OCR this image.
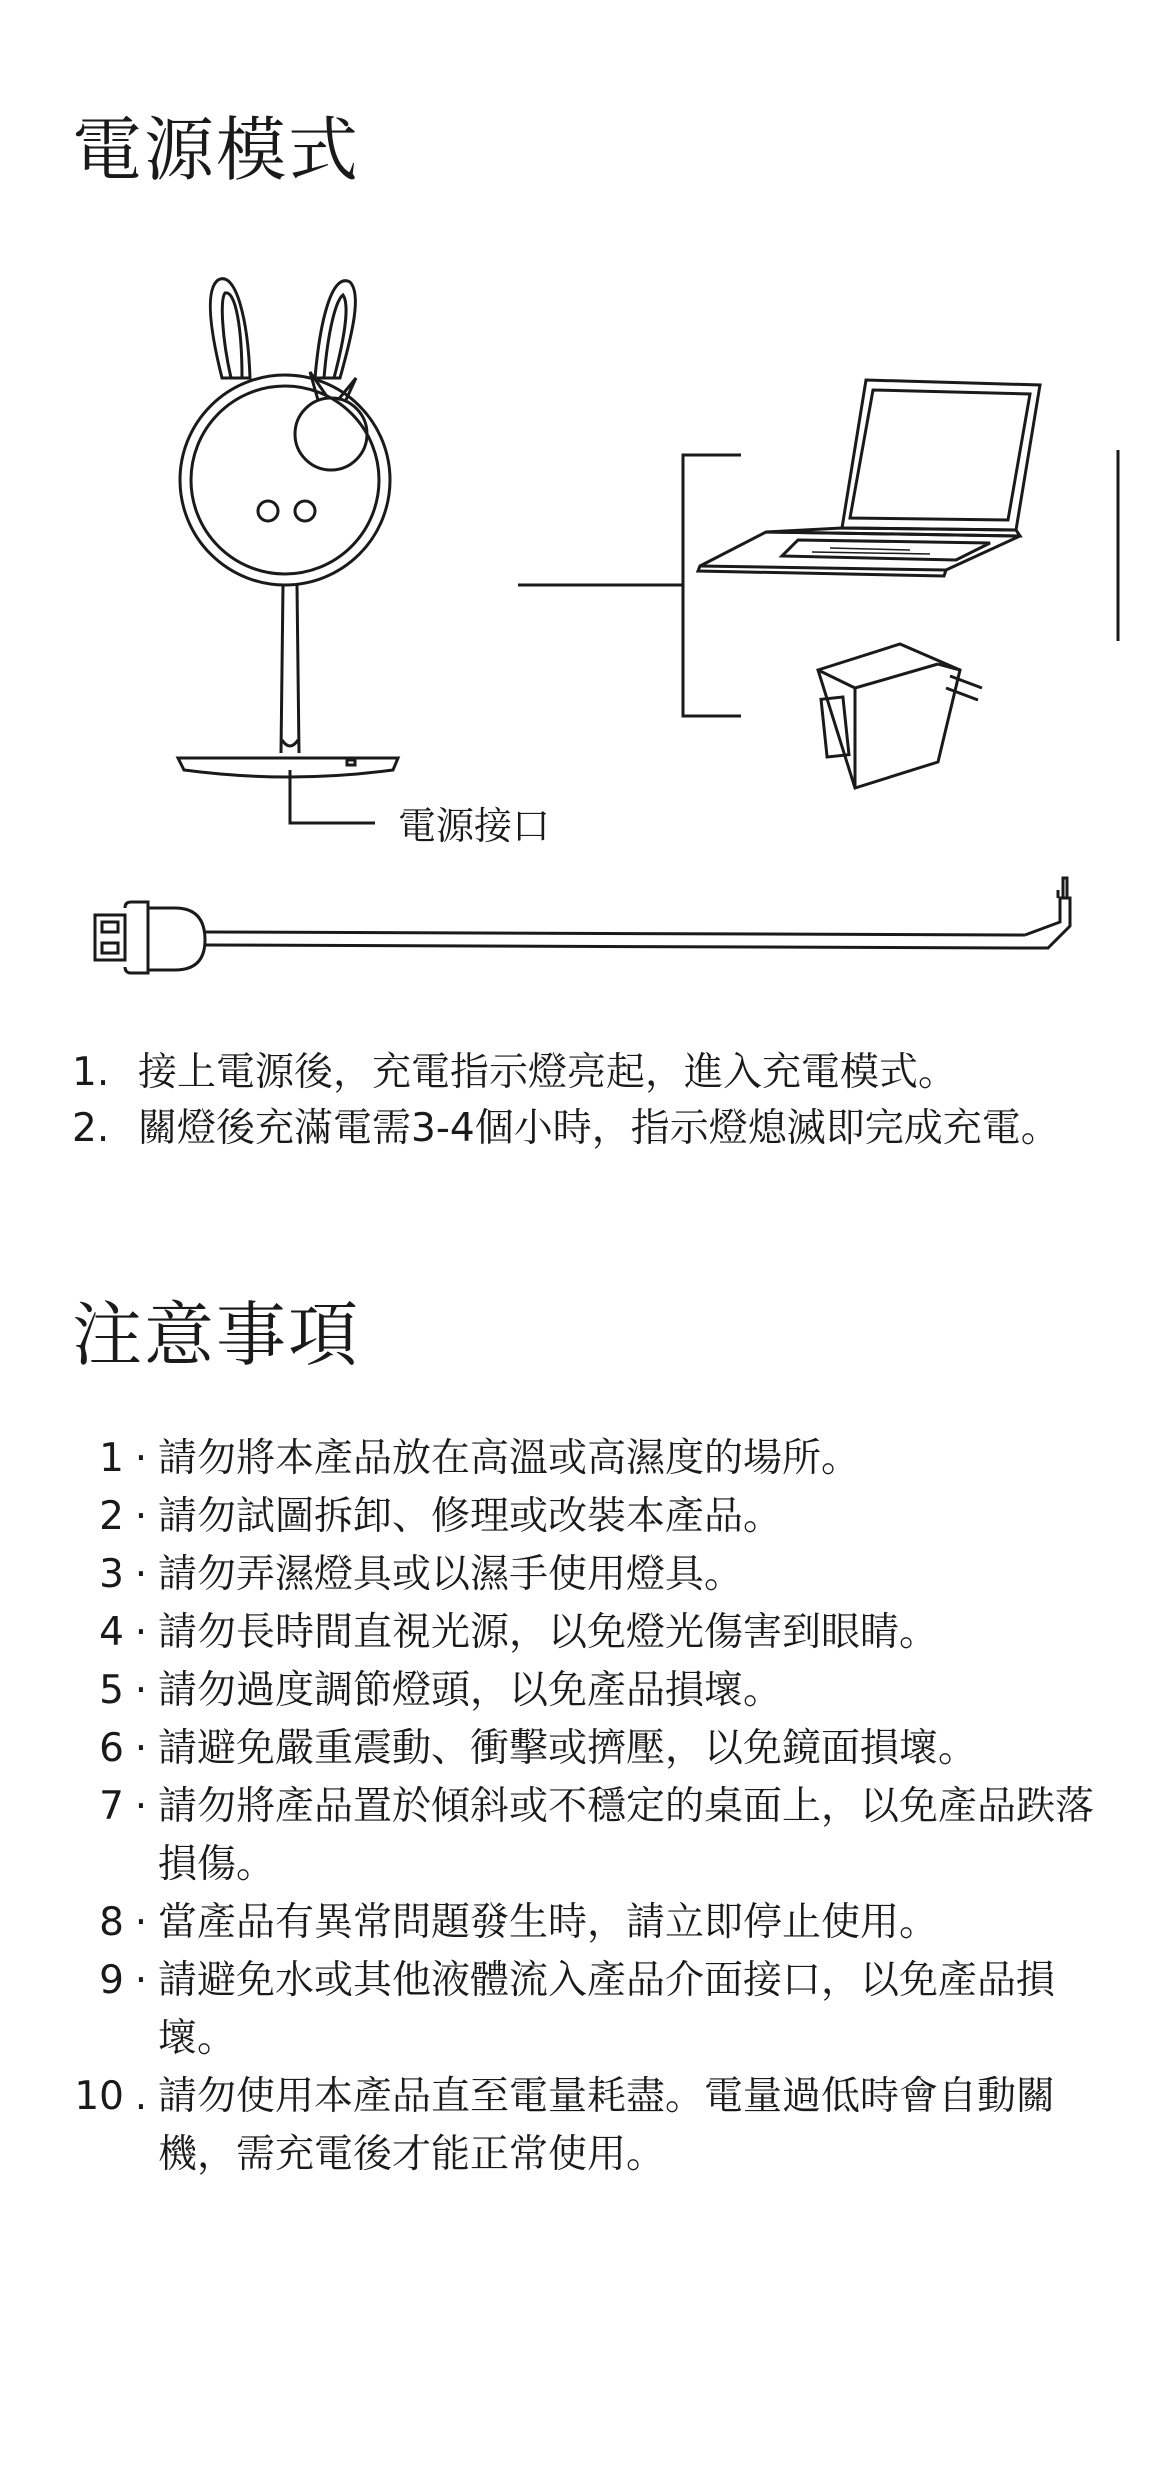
電源模式
電源接口
1. 接上電源後，充電指示燈亮起，進入充電模式。
2. 關燈後充滿電需3-4個小時，指示燈熄滅即完成充電。
注意事項
1 · 請勿將本產品放在高溫或高濕度的場所。
2 · 請勿試圖拆卸、修理或改裝本產品。
3 · 請勿弄濕燈具或以濕手使用燈具。
4 · 請勿長時間直視光源，以免燈光傷害到眼睛。
5 · 請勿過度調節燈頭，以免產品損壞。
6 · 請避免嚴重震動、衝擊或擠壓，以免鏡面損壞。
7 · 請勿將產品置於傾斜或不穩定的桌面上，以免產品跌落損傷。
8 · 當產品有異常問題發生時，請立即停止使用。
9 · 請避免水或其他液體流入產品介面接口，以免產品損壞。
10 . 請勿使用本產品直至電量耗盡。電量過低時會自動關機，需充電後才能正常使用。
